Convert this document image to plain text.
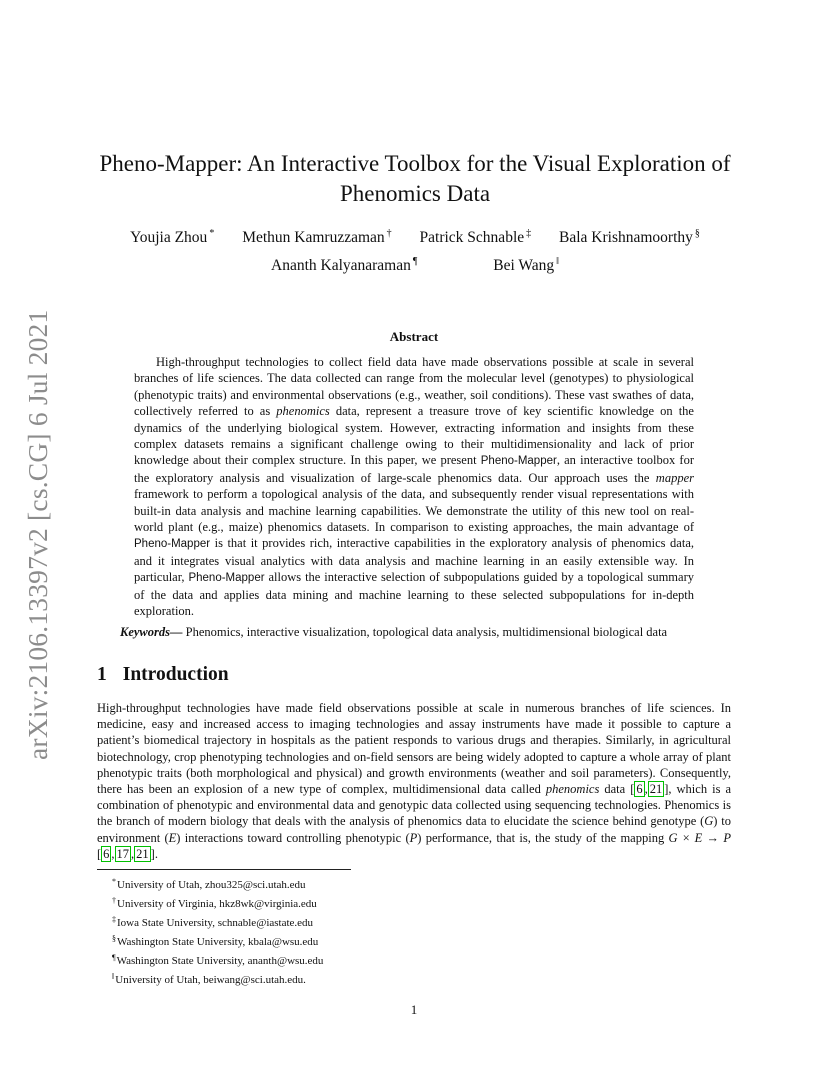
arXiv:2106.13397v2 [cs.CG] 6 Jul 2021
Pheno-Mapper: An Interactive Toolbox for the Visual Exploration of Phenomics Data
Youjia Zhou * Methun Kamruzzaman † Patrick Schnable ‡ Bala Krishnamoorthy §
Ananth Kalyanaraman ¶	Bei Wang ‖
Abstract

High-throughput technologies to collect field data have made observations possible at scale in several branches of life sciences. The data collected can range from the molecular level (genotypes) to physiological (phenotypic traits) and environmental observations (e.g., weather, soil conditions). These vast swathes of data, collectively referred to as phenomics data, represent a treasure trove of key scientific knowledge on the dynamics of the underlying biological system. However, extracting information and insights from these complex datasets remains a significant challenge owing to their multidimensionality and lack of prior knowledge about their complex structure. In this paper, we present Pheno-Mapper, an interactive toolbox for the exploratory analysis and visualization of large-scale phenomics data. Our approach uses the mapper framework to perform a topological analysis of the data, and subsequently render visual representations with built-in data analysis and machine learning capabilities. We demonstrate the utility of this new tool on real-world plant (e.g., maize) phenomics datasets. In comparison to existing approaches, the main advantage of Pheno-Mapper is that it provides rich, interactive capabilities in the exploratory analysis of phenomics data, and it integrates visual analytics with data analysis and machine learning in an easily extensible way. In particular, Pheno-Mapper allows the interactive selection of subpopulations guided by a topological summary of the data and applies data mining and machine learning to these selected subpopulations for in-depth exploration.

Keywords— Phenomics, interactive visualization, topological data analysis, multidimensional biological data
1 Introduction

High-throughput technologies have made field observations possible at scale in numerous branches of life sciences. In medicine, easy and increased access to imaging technologies and assay instruments have made it possible to capture a patient’s biomedical trajectory in hospitals as the patient responds to various drugs and therapies. Similarly, in agricultural biotechnology, crop phenotyping technologies and on-field sensors are being widely adopted to capture a whole array of plant phenotypic traits (both morphological and physical) and growth environments (weather and soil parameters). Consequently, there has been an explosion of a new type of complex, multidimensional data called phenomics data [ 6 , 21 ], which is a combination of phenotypic and environmental data and genotypic data collected using sequencing technologies. Phenomics is the branch of modern biology that deals with the analysis of phenomics data to elucidate the science behind genotype (G) to environment (E) interactions toward controlling phenotypic (P) performance, that is, the study of the mapping G × E → P [ 6 , 17 , 21 ].

*University of Utah, zhou325@sci.utah.edu
†University of Virginia, hkz8wk@virginia.edu
‡Iowa State University, schnable@iastate.edu
§Washington State University, kbala@wsu.edu
¶Washington State University, ananth@wsu.edu
‖University of Utah, beiwang@sci.utah.edu.
1
